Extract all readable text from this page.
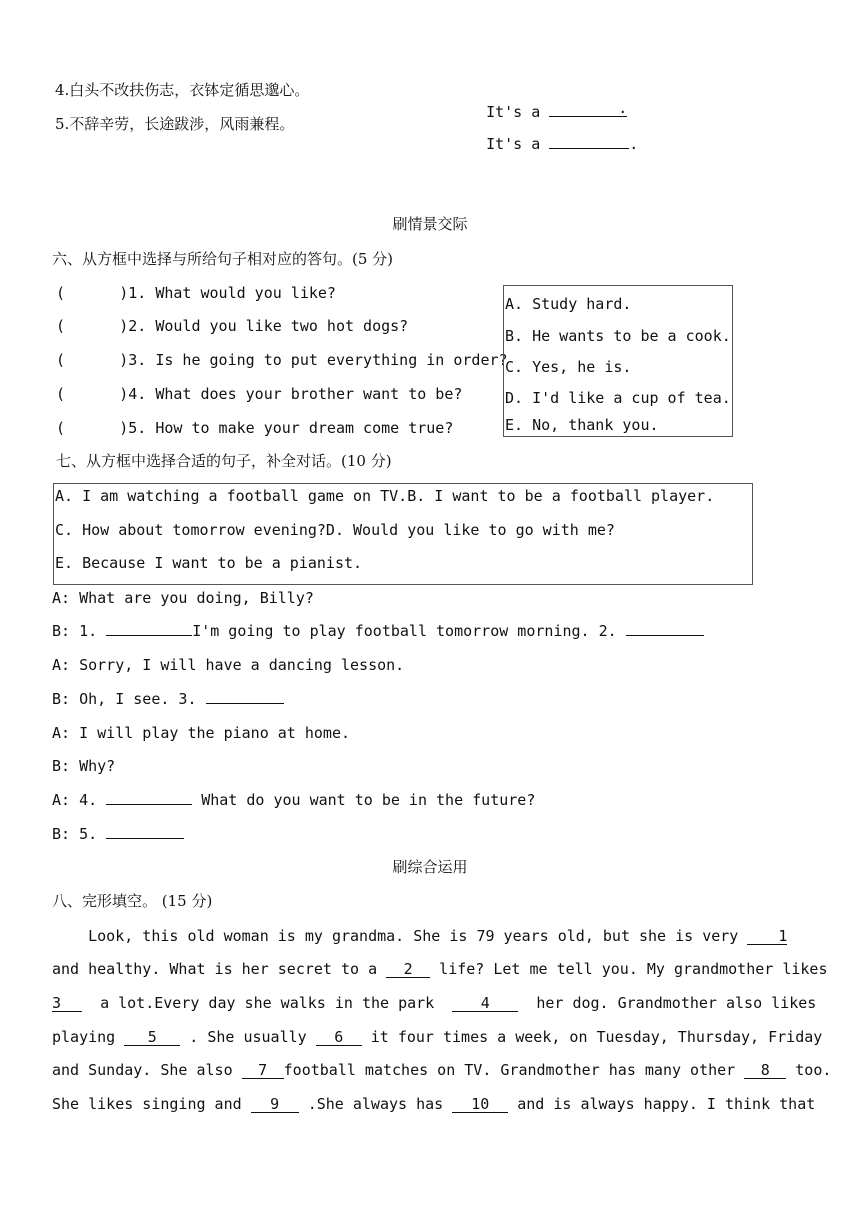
4.白头不改扶伤志，衣钵定循思邈心。

It's a	.

5.不辞辛劳，长途跋涉，风雨兼程。

It's a	.

刷情景交际
六、从方框中选择与所给句子相对应的答句。(5 分)
(      )1. What would you like?
(      )2. Would you like two hot dogs?
(      )3. Is he going to put everything in order?
(      )4. What does your brother want to be?
(      )5. How to make your dream come true?
A. Study hard.
B. He wants to be a cook.
C. Yes, he is.
D. I'd like a cup of tea.
E. No, thank you.
七、从方框中选择合适的句子，补全对话。(10 分)
A. I am watching a football game on TV.B. I want to be a football player.
C. How about tomorrow evening?D. Would you like to go with me?
E. Because I want to be a pianist.
A: What are you doing, Billy?
B: 1.	I'm going to play football tomorrow morning. 2.
A: Sorry, I will have a dancing lesson.
B: Oh, I see. 3.
A: I will play the piano at home.
B: Why?
A: 4.	What do you want to be in the future?
B: 5.
刷综合运用
八、完形填空。 (15 分)
Look, this old woman is my grandma. She is 79 years old, but she is very	1
and healthy. What is her secret to a 2 life? Let me tell you. My grandmother likes
3	a lot.Every day she walks in the park	4	her dog. Grandmother also likes
playing 5 . She usually 6 it four times a week, on Tuesday, Thursday, Friday
and Sunday. She also 7 football matches on TV. Grandmother has many other 8 too.
She likes singing and 9 .She always has 10 and is always happy. I think that
